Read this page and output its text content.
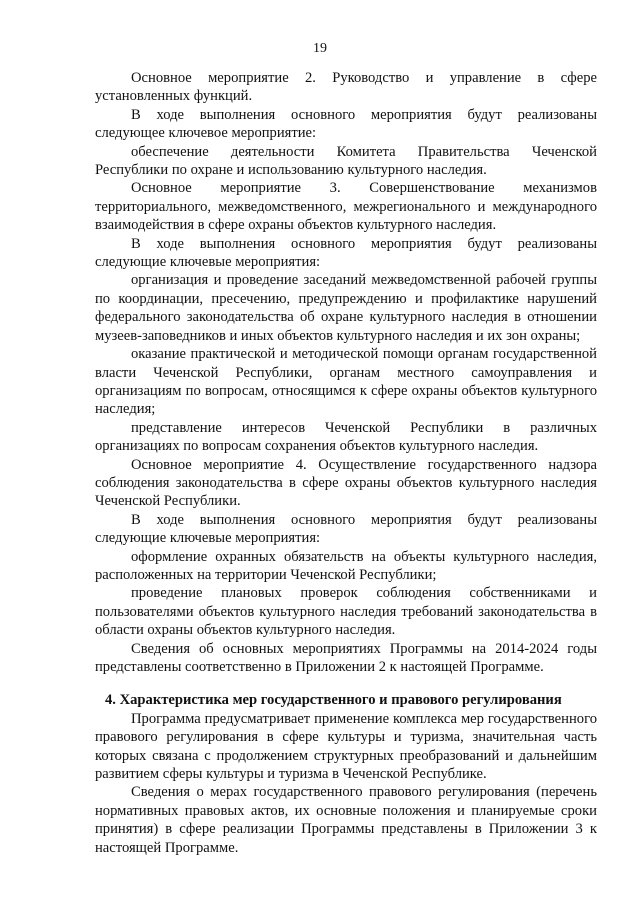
19

Основное мероприятие 2. Руководство и управление в сфере установленных функций.

В ходе выполнения основного мероприятия будут реализованы следующее ключевое мероприятие:

обеспечение деятельности Комитета Правительства Чеченской Республики по охране и использованию культурного наследия.

Основное мероприятие 3. Совершенствование механизмов территориального, межведомственного, межрегионального и международного взаимодействия в сфере охраны объектов культурного наследия.

В ходе выполнения основного мероприятия будут реализованы следующие ключевые мероприятия:

организация и проведение заседаний межведомственной рабочей группы по координации, пресечению, предупреждению и профилактике нарушений федерального законодательства об охране культурного наследия в отношении музеев-заповедников и иных объектов культурного наследия и их зон охраны;

оказание практической и методической помощи органам государственной власти Чеченской Республики, органам местного самоуправления и организациям по вопросам, относящимся к сфере охраны объектов культурного наследия;

представление интересов Чеченской Республики в различных организациях по вопросам сохранения объектов культурного наследия.

Основное мероприятие 4. Осуществление государственного надзора соблюдения законодательства в сфере охраны объектов культурного наследия Чеченской Республики.

В ходе выполнения основного мероприятия будут реализованы следующие ключевые мероприятия:

оформление охранных обязательств на объекты культурного наследия, расположенных на территории Чеченской Республики;

проведение плановых проверок соблюдения собственниками и пользователями объектов культурного наследия требований законодательства в области охраны объектов культурного наследия.

Сведения об основных мероприятиях Программы на 2014-2024 годы представлены соответственно в Приложении 2 к настоящей Программе.

4. Характеристика мер государственного и правового регулирования

Программа предусматривает применение комплекса мер государственного правового регулирования в сфере культуры и туризма, значительная часть которых связана с продолжением структурных преобразований и дальнейшим развитием сферы культуры и туризма в Чеченской Республике.

Сведения о мерах государственного правового регулирования (перечень нормативных правовых актов, их основные положения и планируемые сроки принятия) в сфере реализации Программы представлены в Приложении 3 к настоящей Программе.
